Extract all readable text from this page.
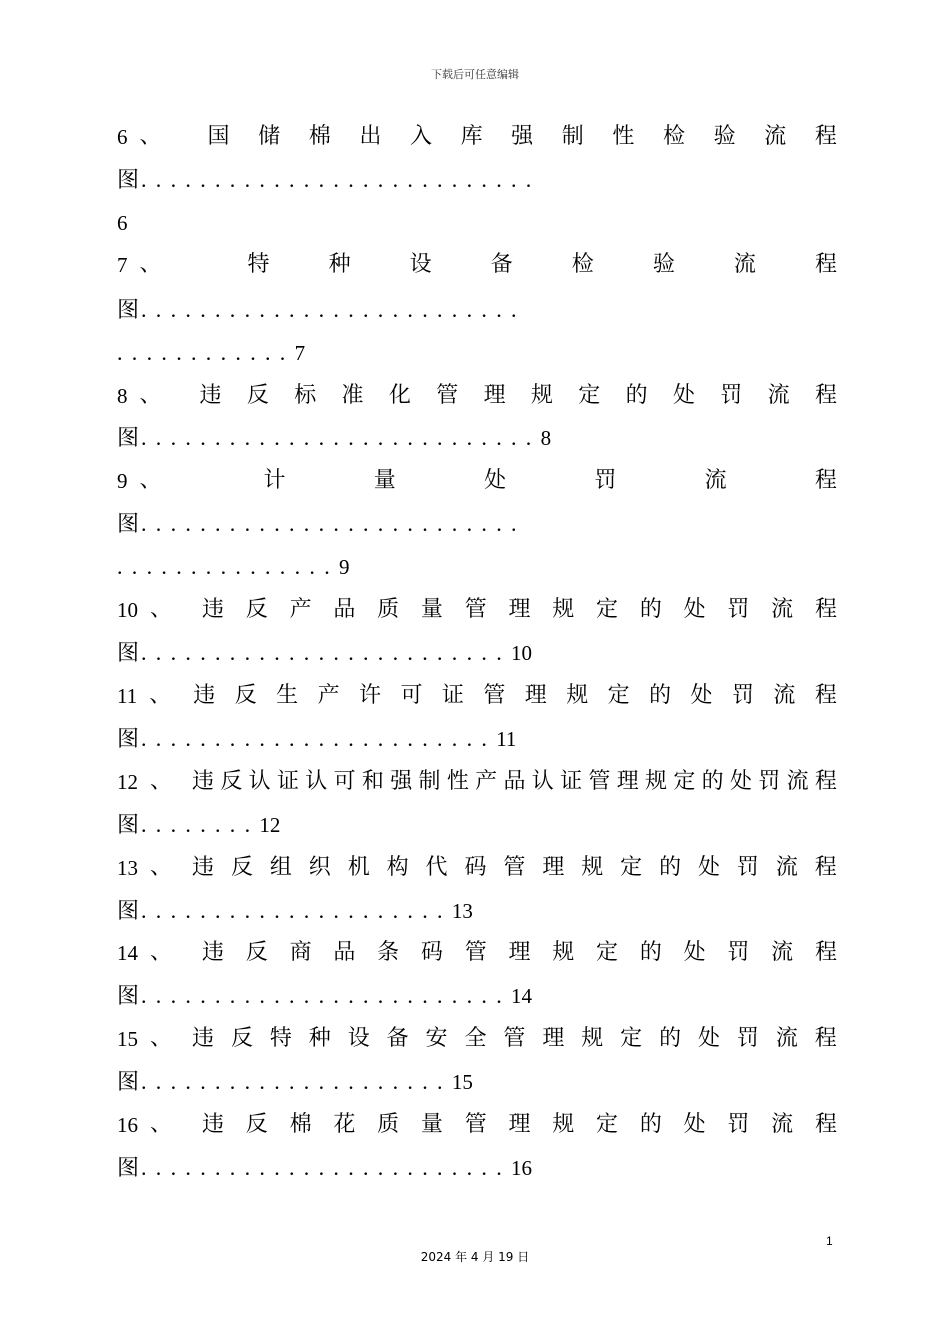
下载后可任意编辑
6 、 国 储 棉 出 入 库 强 制 性 检 验 流 程
图...........................
6
7 、	特	种	设	备	检	验	流	程
图..........................
............7
8 、 违 反 标 准 化 管 理 规 定 的 处 罚 流 程
图...........................8
9 、	计	量	处	罚	流	程
图..........................
...............9
10 、 违 反 产 品 质 量 管 理 规 定 的 处 罚 流 程
图.........................10
11 、 违 反 生 产 许 可 证 管 理 规 定 的 处 罚 流 程
图........................11
12 、 违 反 认 证 认 可 和 强 制 性 产 品 认 证 管 理 规 定 的 处 罚 流 程
图........12
13 、 违 反 组 织 机 构 代 码 管 理 规 定 的 处 罚 流 程
图.....................13
14 、 违 反 商 品 条 码 管 理 规 定 的 处 罚 流 程
图.........................14
15 、 违 反 特 种 设 备 安 全 管 理 规 定 的 处 罚 流 程
图.....................15
16 、 违 反 棉 花 质 量 管 理 规 定 的 处 罚 流 程
图.........................16
1
2024 年 4 月 19 日
